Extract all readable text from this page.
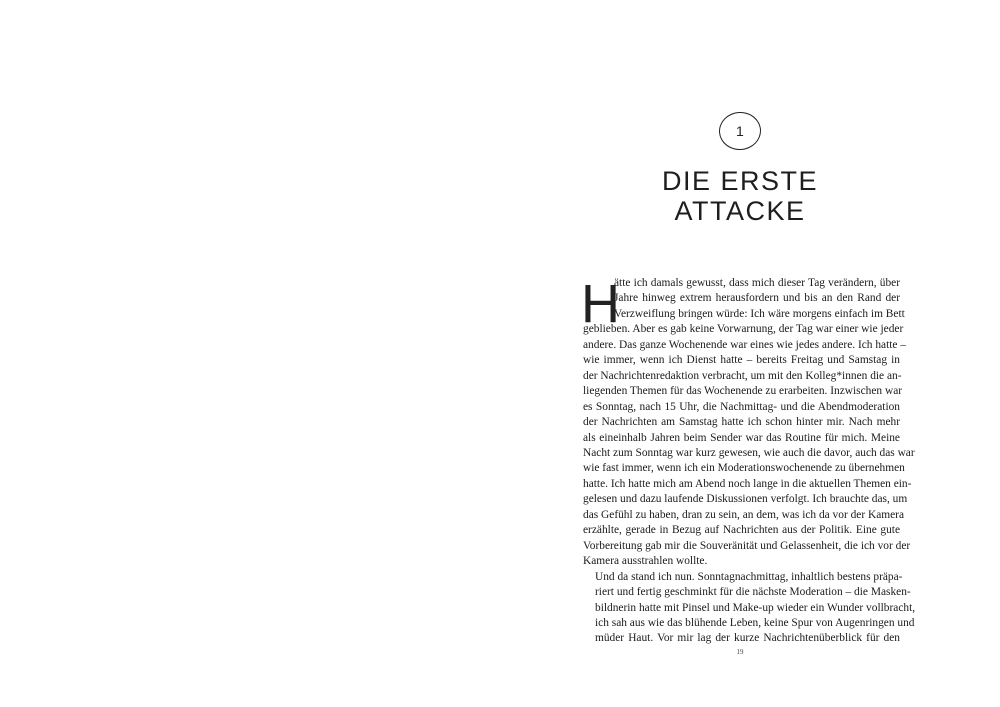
1
DIE ERSTE
ATTACKE
H
ätte ich damals gewusst, dass mich dieser Tag verändern, über
Jahre hinweg extrem herausfordern und bis an den Rand der
Verzweiflung bringen würde: Ich wäre morgens einfach im Bett
geblieben. Aber es gab keine Vorwarnung, der Tag war einer wie jeder
andere. Das ganze Wochenende war eines wie jedes andere. Ich hatte –
wie immer, wenn ich Dienst hatte – bereits Freitag und Samstag in
der Nachrichtenredaktion verbracht, um mit den Kolleg*innen die an-
liegenden Themen für das Wochenende zu erarbeiten. Inzwischen war
es Sonntag, nach 15 Uhr, die Nachmittag- und die Abendmoderation
der Nachrichten am Samstag hatte ich schon hinter mir. Nach mehr
als eineinhalb Jahren beim Sender war das Routine für mich. Meine
Nacht zum Sonntag war kurz gewesen, wie auch die davor, auch das war
wie fast immer, wenn ich ein Moderationswochenende zu übernehmen
hatte. Ich hatte mich am Abend noch lange in die aktuellen Themen ein-
gelesen und dazu laufende Diskussionen verfolgt. Ich brauchte das, um
das Gefühl zu haben, dran zu sein, an dem, was ich da vor der Kamera
erzählte, gerade in Bezug auf Nachrichten aus der Politik. Eine gute
Vorbereitung gab mir die Souveränität und Gelassenheit, die ich vor der
Kamera ausstrahlen wollte.
Und da stand ich nun. Sonntagnachmittag, inhaltlich bestens präpa-
riert und fertig geschminkt für die nächste Moderation – die Masken-
bildnerin hatte mit Pinsel und Make-up wieder ein Wunder vollbracht,
ich sah aus wie das blühende Leben, keine Spur von Augenringen und
müder Haut. Vor mir lag der kurze Nachrichtenüberblick für den
19
